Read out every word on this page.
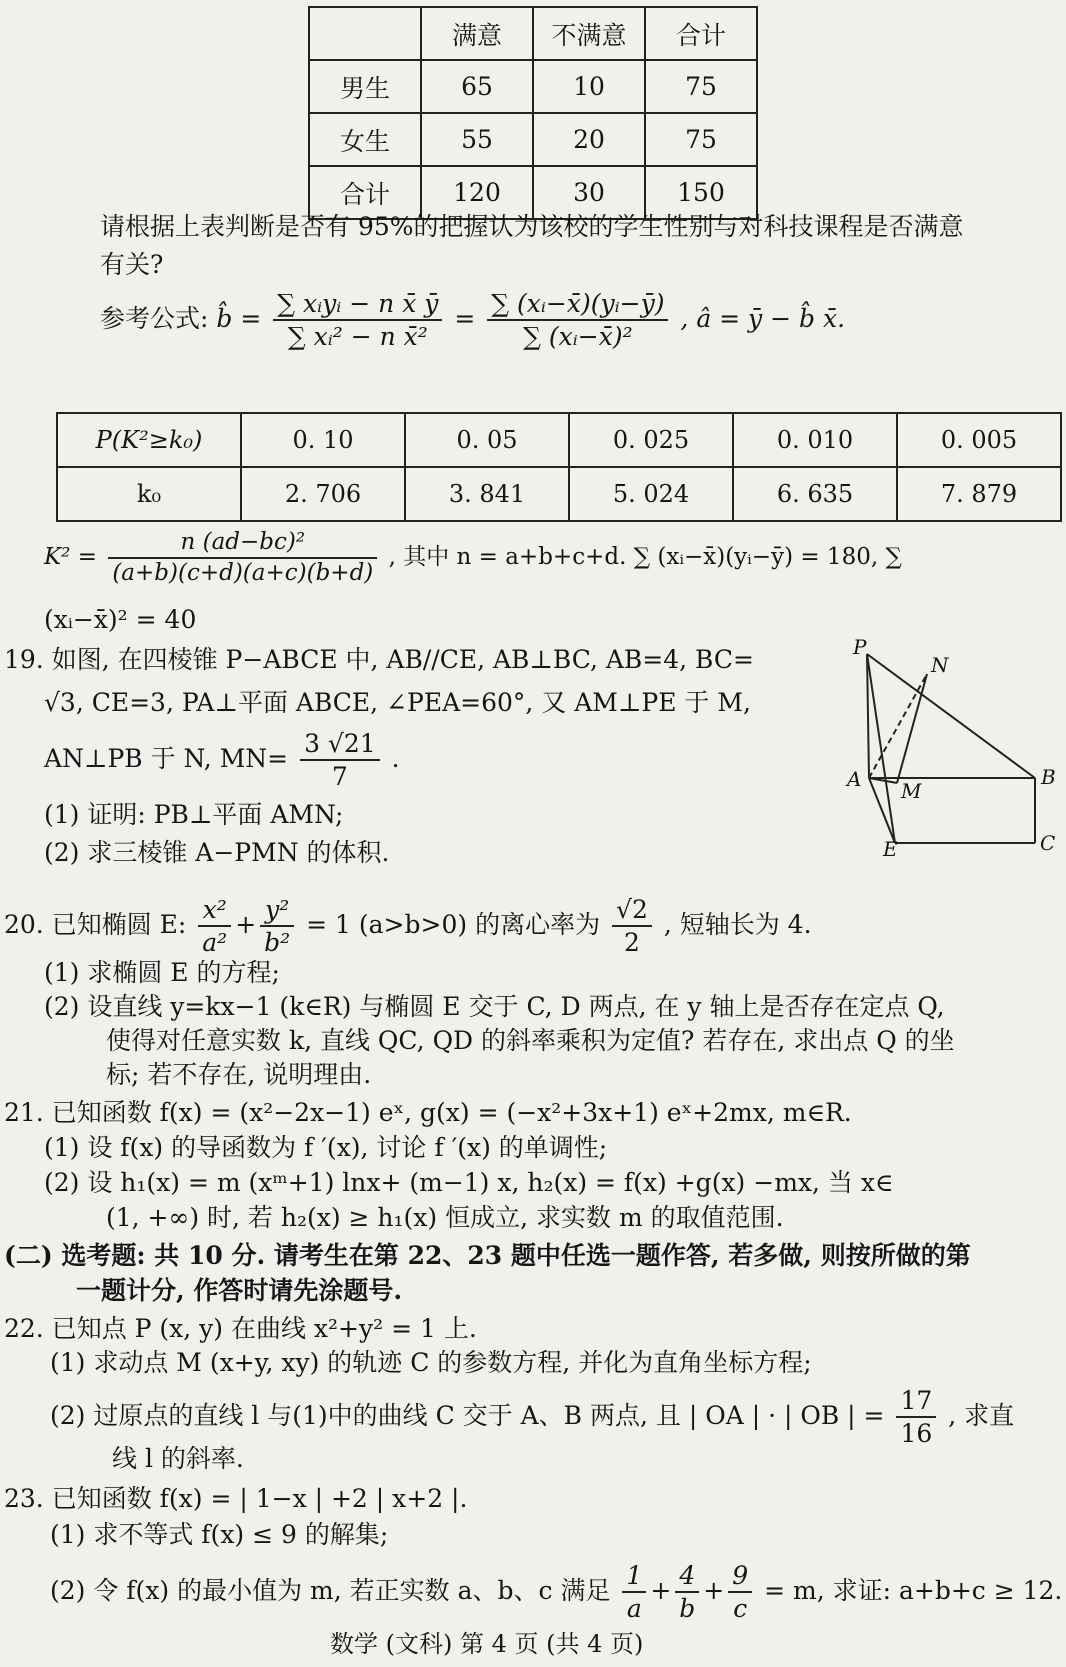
	满意	不满意	合计
男生	65	10	75
女生	55	20	75
合计	120	30	150
请根据上表判断是否有 95%的把握认为该校的学生性别与对科技课程是否满意
有关?
参考公式: b̂ = $\frac{\text{∑ xᵢyᵢ − n x̄ ȳ}}{\text{∑ xᵢ² − n x̄²}} = \frac{\text{∑ (xᵢ−x̄)(yᵢ−ȳ)}}{\text{∑ (xᵢ−x̄)²}}$ , â = ȳ − b̂ x̄.
P(K²≥k₀)	0. 10	0. 05	0. 025	0. 010	0. 005
k₀	2. 706	3. 841	5. 024	6. 635	7. 879
$K^2 = \frac{\text{n (ad−bc)²}}{(a+b)(c+d)(a+c)(b+d)}$ , 其中 n = a+b+c+d. ∑ (xᵢ−x̄)(yᵢ−ȳ) = 180, ∑
(xᵢ−x̄)² = 40
19. 如图, 在四棱锥 P−ABCE 中, AB//CE, AB⊥BC, AB=4, BC=
√3, CE=3, PA⊥平面 ABCE, ∠PEA=60°, 又 AM⊥PE 于 M,
AN⊥PB 于 N, $MN= \frac{3 √21}{7}$ .
(1) 证明: PB⊥平面 AMN;
(2) 求三棱锥 A−PMN 的体积.
P
N
A M
B
E	C
20. 已知椭圆 E: $\frac{\text{x²}}{\text{a²}} + \frac{\text{y²}}{\text{b²}} = 1$ (a>b>0) 的离心率为 $\frac{√2}{2}$ , 短轴长为 4.
(1) 求椭圆 E 的方程;
(2) 设直线 y=kx−1 (k∈R) 与椭圆 E 交于 C, D 两点, 在 y 轴上是否存在定点 Q,
使得对任意实数 k, 直线 QC, QD 的斜率乘积为定值? 若存在, 求出点 Q 的坐
标; 若不存在, 说明理由.
21. 已知函数 f(x) = (x²−2x−1) eˣ, g(x) = (−x²+3x+1) eˣ+2mx, m∈R.
(1) 设 f(x) 的导函数为 f ′(x), 讨论 f ′(x) 的单调性;
(2) 设 h₁(x) = m (xᵐ+1) lnx+ (m−1) x, h₂(x) = f(x) +g(x) −mx, 当 x∈
(1, +∞) 时, 若 h₂(x) ≥ h₁(x) 恒成立, 求实数 m 的取值范围.
(二) 选考题: 共 10 分. 请考生在第 22、23 题中任选一题作答, 若多做, 则按所做的第
一题计分, 作答时请先涂题号.
22. 已知点 P (x, y) 在曲线 x²+y² = 1 上.
(1) 求动点 M (x+y, xy) 的轨迹 C 的参数方程, 并化为直角坐标方程;
(2) 过原点的直线 l 与(1)中的曲线 C 交于 A、B 两点, 且 | OA | · | OB | = $\frac{17}{16}$ , 求直
线 l 的斜率.
23. 已知函数 f(x) = | 1−x | +2 | x+2 |.
(1) 求不等式 f(x) ≤ 9 的解集;
(2) 令 f(x) 的最小值为 m, 若正实数 a、b、c 满足 $\frac{1}{a} + \frac{4}{b} + \frac{9}{c} = m$, 求证: a+b+c ≥ 12.
数学 (文科) 第 4 页 (共 4 页)
